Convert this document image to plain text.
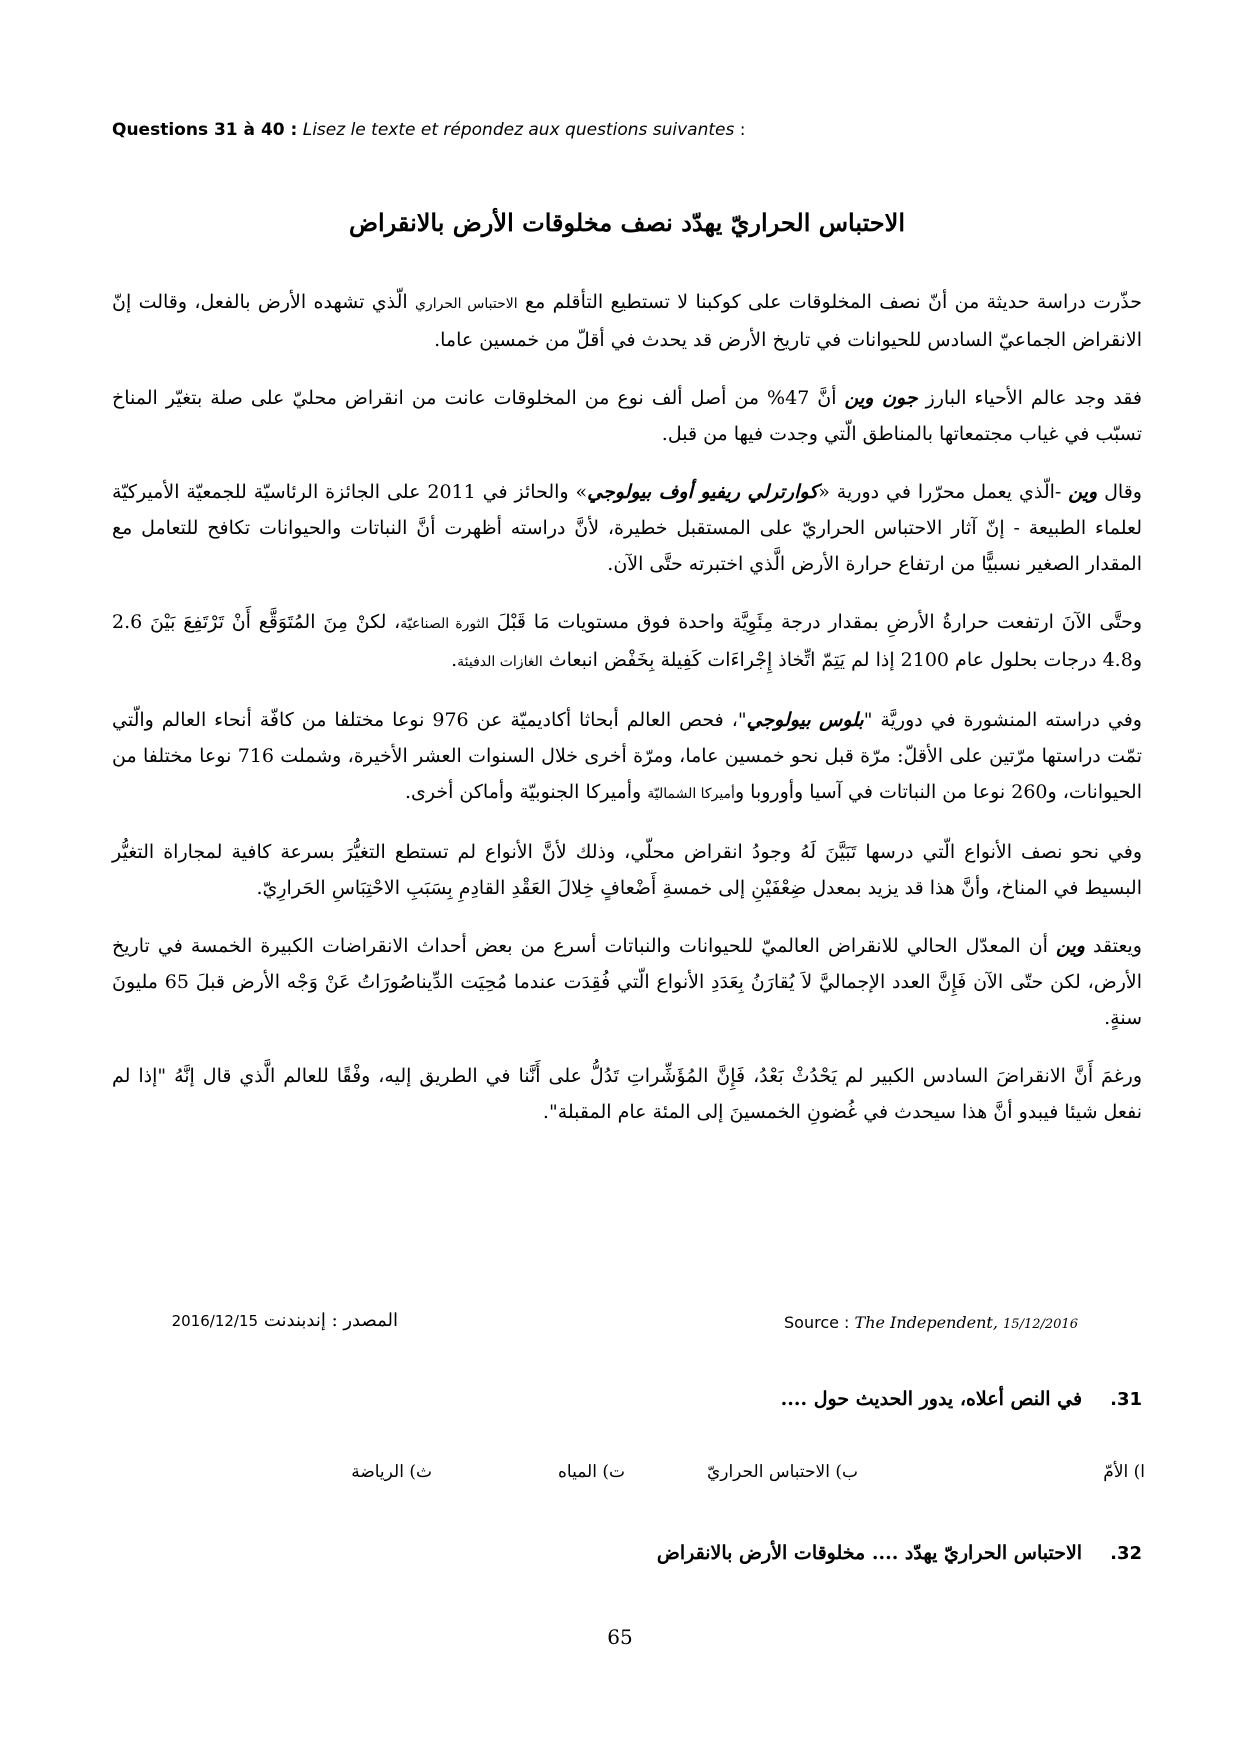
Questions 31 à 40 : Lisez le texte et répondez aux questions suivantes :
الاحتباس الحراريّ يهدّد نصف مخلوقات الأرض بالانقراض

حذّرت دراسة حديثة من أنّ نصف المخلوقات على كوكبنا لا تستطيع التأقلم مع الاحتباس الحراري الّذي تشهده الأرض بالفعل، وقالت إنّ الانقراض الجماعيّ السادس للحيوانات في تاريخ الأرض قد يحدث في أقلّ من خمسين عاما.

فقد وجد عالم الأحياء البارز جون وين أنَّ 47% من أصل ألف نوع من المخلوقات عانت من انقراض محليّ على صلة بتغيّر المناخ تسبّب في غياب مجتمعاتها بالمناطق الّتي وجدت فيها من قبل.

وقال وين -الّذي يعمل محرّرا في دورية «كوارترلي ريفيو أوف بيولوجي» والحائز في 2011 على الجائزة الرئاسيّة للجمعيّة الأميركيّة لعلماء الطبيعة - إنّ آثار الاحتباس الحراريّ على المستقبل خطيرة، لأنَّ دراسته أظهرت أنَّ النباتات والحيوانات تكافح للتعامل مع المقدار الصغير نسبيًّا من ارتفاع حرارة الأرض الَّذي اختبرته حتَّى الآن.

وحتَّى الآنَ ارتفعت حرارةُ الأرضِ بمقدار درجة مِئَوِيَّة واحدة فوق مستويات مَا قَبْلَ الثورة الصناعيّة، لكنْ مِنَ المُتَوَقَّع أَنْ تَرْتَفِعَ بَيْنَ 2.6 و4.8 درجات بحلول عام 2100 إذا لم يَتِمّ اتِّخاذ إِجْراءَات كَفِيلة بِخَفْض انبعاث الغازات الدفيئة.

وفي دراسته المنشورة في دوريَّة "بلوس بيولوجي"، فحص العالم أبحاثا أكاديميّة عن 976 نوعا مختلفا من كافّة أنحاء العالم والّتي تمّت دراستها مرّتين على الأقلّ: مرّة قبل نحو خمسين عاما، ومرّة أخرى خلال السنوات العشر الأخيرة، وشملت 716 نوعا مختلفا من الحيوانات، و260 نوعا من النباتات في آسيا وأوروبا وأميركا الشماليّة وأميركا الجنوبيّة وأماكن أخرى.

وفي نحو نصف الأنواع الّتي درسها تَبَيَّنَ لَهُ وجودُ انقراض محلّي، وذلك لأنَّ الأنواع لم تستطع التغيُّرَ بسرعة كافية لمجاراة التغيُّر البسيط في المناخ، وأنَّ هذا قد يزيد بمعدل ضِعْفَيْنِ إلى خمسةِ أَضْعافٍ خِلالَ العَقْدِ القادِمِ بِسَبَبِ الاحْتِبَاسِ الحَرارِيّ.

ويعتقد وين أن المعدّل الحالي للانقراض العالميّ للحيوانات والنباتات أسرع من بعض أحداث الانقراضات الكبيرة الخمسة في تاريخ الأرض، لكن حتّى الآن فَإِنَّ العدد الإجماليَّ لاَ يُقارَنُ بِعَدَدِ الأنواع الّتي فُقِدَت عندما مُحِيَت الدِّيناصُورَاتُ عَنْ وَجْه الأرض قبلَ 65 مليونَ سنةٍ.

ورغمَ أَنَّ الانقراضَ السادس الكبير لم يَحْدُثْ بَعْدُ، فَإِنَّ المُؤَشِّراتِ تَدُلُّ على أَنَّنا في الطريق إليه، وفْقًا للعالم الَّذي قال إنَّهُ "إذا لم نفعل شيئا فيبدو أنَّ هذا سيحدث في غُضونِ الخمسينَ إلى المئة عام المقبلة".

المصدر : إندبندنت 2016/12/15	Source : The Independent, 15/12/2016
31.
في النص أعلاه، يدور الحديث حول ....
ا) الأمّ
ب) الاحتباس الحراريّ
ت) المياه
ث) الرياضة
32.
الاحتباس الحراريّ يهدّد .... مخلوقات الأرض بالانقراض
65
